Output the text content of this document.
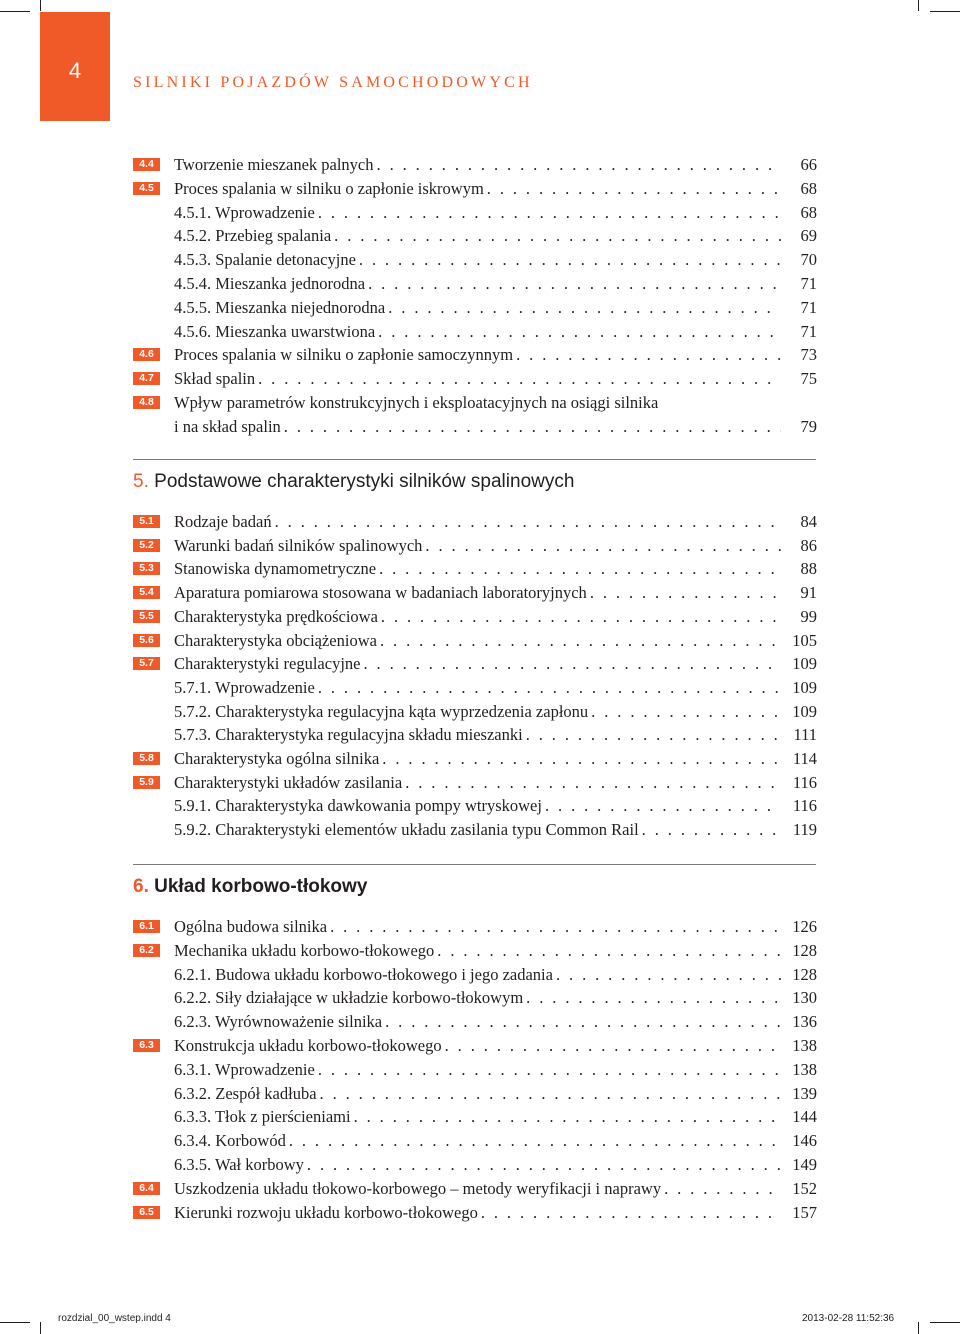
4	SILNIKI POJAZDÓW SAMOCHODOWYCH
4.4	Tworzenie mieszanek palnych . . .	66
4.5	Proces spalania w silniku o zapłonie iskrowym . . .	68
4.5.1. Wprowadzenie . . .	68
4.5.2. Przebieg spalania . . .	69
4.5.3. Spalanie detonacyjne . . .	70
4.5.4. Mieszanka jednorodna . . .	71
4.5.5. Mieszanka niejednorodna . . .	71
4.5.6. Mieszanka uwarstwiona . . .	71
4.6	Proces spalania w silniku o zapłonie samoczynnym . . .	73
4.7	Skład spalin . . .	75
4.8	Wpływ parametrów konstrukcyjnych i eksploatacyjnych na osiągi silnika
i na skład spalin . . .	79
5. Podstawowe charakterystyki silników spalinowych
5.1	Rodzaje badań . . .	84
5.2	Warunki badań silników spalinowych . . .	86
5.3	Stanowiska dynamometryczne . . .	88
5.4	Aparatura pomiarowa stosowana w badaniach laboratoryjnych . . .	91
5.5	Charakterystyka prędkościowa . . .	99
5.6	Charakterystyka obciążeniowa . . .	105
5.7	Charakterystyki regulacyjne . . .	109
5.7.1. Wprowadzenie . . .	109
5.7.2. Charakterystyka regulacyjna kąta wyprzedzenia zapłonu . . .	109
5.7.3. Charakterystyka regulacyjna składu mieszanki . . .	111
5.8	Charakterystyka ogólna silnika . . .	114
5.9	Charakterystyki układów zasilania . . .	116
5.9.1. Charakterystyka dawkowania pompy wtryskowej . . .	116
5.9.2. Charakterystyki elementów układu zasilania typu Common Rail . . .	119
6. Układ korbowo-tłokowy
6.1	Ogólna budowa silnika . . .	126
6.2	Mechanika układu korbowo-tłokowego . . .	128
6.2.1. Budowa układu korbowo-tłokowego i jego zadania . . .	128
6.2.2. Siły działające w układzie korbowo-tłokowym . . .	130
6.2.3. Wyrównoważenie silnika . . .	136
6.3	Konstrukcja układu korbowo-tłokowego . . .	138
6.3.1. Wprowadzenie . . .	138
6.3.2. Zespół kadłuba . . .	139
6.3.3. Tłok z pierścieniami . . .	144
6.3.4. Korbowód . . .	146
6.3.5. Wał korbowy . . .	149
6.4	Uszkodzenia układu tłokowo-korbowego – metody weryfikacji i naprawy . . .	152
6.5	Kierunki rozwoju układu korbowo-tłokowego . . .	157
rozdzial_00_wstep.indd 4	2013-02-28 11:52:36
